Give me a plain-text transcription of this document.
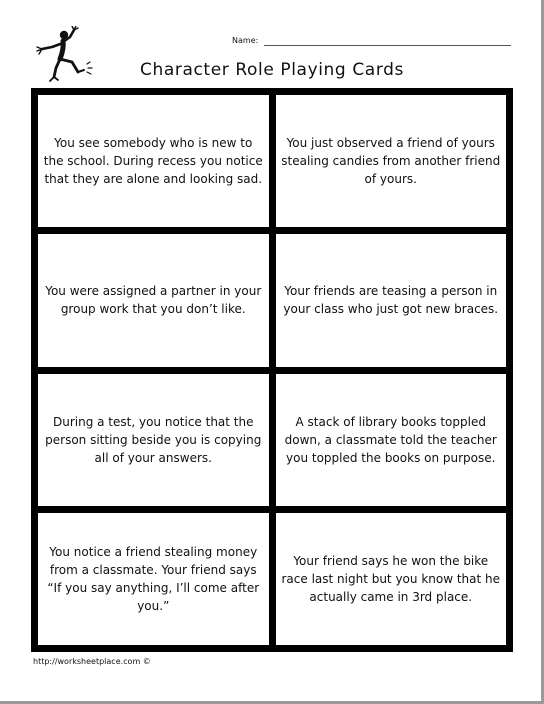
Name:
Character Role Playing Cards
You see somebody who is new to the school. During recess you notice that they are alone and looking sad.
You just observed a friend of yours stealing candies from another friend of yours.
You were assigned a partner in your group work that you don’t like.
Your friends are teasing a person in your class who just got new braces.
During a test, you notice that the person sitting beside you is copying all of your answers.
A stack of library books toppled down, a classmate told the teacher you toppled the books on purpose.
You notice a friend stealing money from a classmate. Your friend says “If you say anything, I’ll come after you.”
Your friend says he won the bike race last night but you know that he actually came in 3rd place.
http://worksheetplace.com ©
